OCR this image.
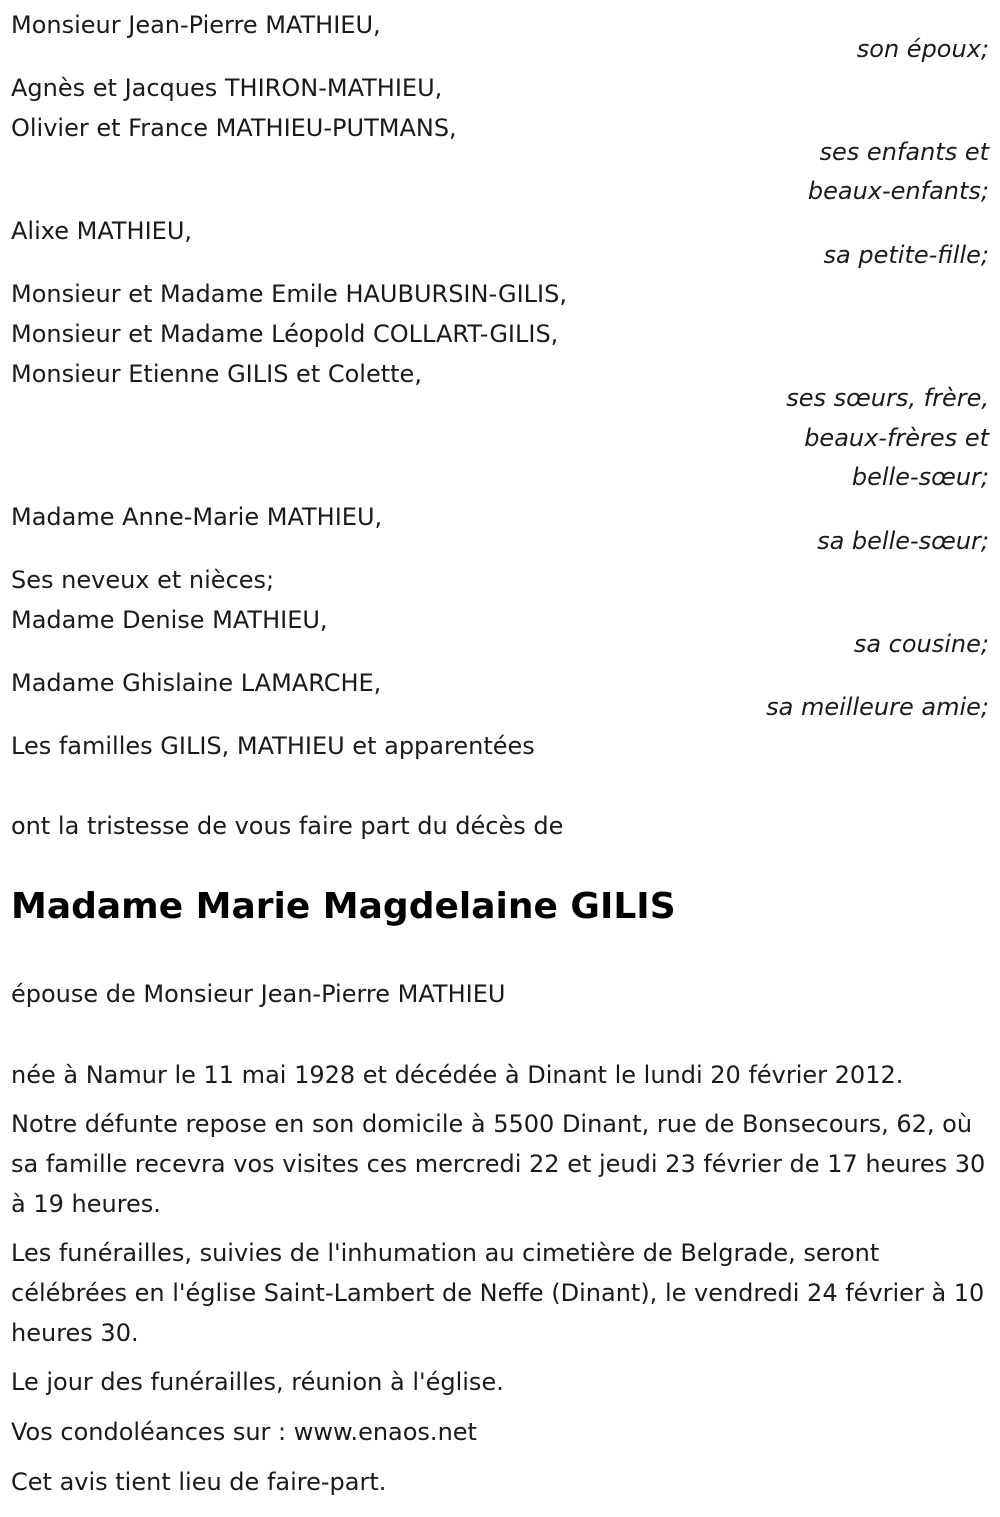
Monsieur Jean-Pierre MATHIEU,

son époux;

Agnès et Jacques THIRON-MATHIEU,

Olivier et France MATHIEU-PUTMANS,

ses enfants et

beaux-enfants;

Alixe MATHIEU,

sa petite-fille;

Monsieur et Madame Emile HAUBURSIN-GILIS,

Monsieur et Madame Léopold COLLART-GILIS,

Monsieur Etienne GILIS et Colette,

ses sœurs, frère,

beaux-frères et

belle-sœur;

Madame Anne-Marie MATHIEU,

sa belle-sœur;

Ses neveux et nièces;

Madame Denise MATHIEU,

sa cousine;

Madame Ghislaine LAMARCHE,

sa meilleure amie;

Les familles GILIS, MATHIEU et apparentées

ont la tristesse de vous faire part du décès de

Madame Marie Magdelaine GILIS

épouse de Monsieur Jean-Pierre MATHIEU

née à Namur le 11 mai 1928 et décédée à Dinant le lundi 20 février 2012.

Notre défunte repose en son domicile à 5500 Dinant, rue de Bonsecours, 62, où sa famille recevra vos visites ces mercredi 22 et jeudi 23 février de 17 heures 30 à 19 heures.

Les funérailles, suivies de l'inhumation au cimetière de Belgrade, seront célébrées en l'église Saint-Lambert de Neffe (Dinant), le vendredi 24 février à 10 heures 30.

Le jour des funérailles, réunion à l'église.

Vos condoléances sur : www.enaos.net

Cet avis tient lieu de faire-part.
